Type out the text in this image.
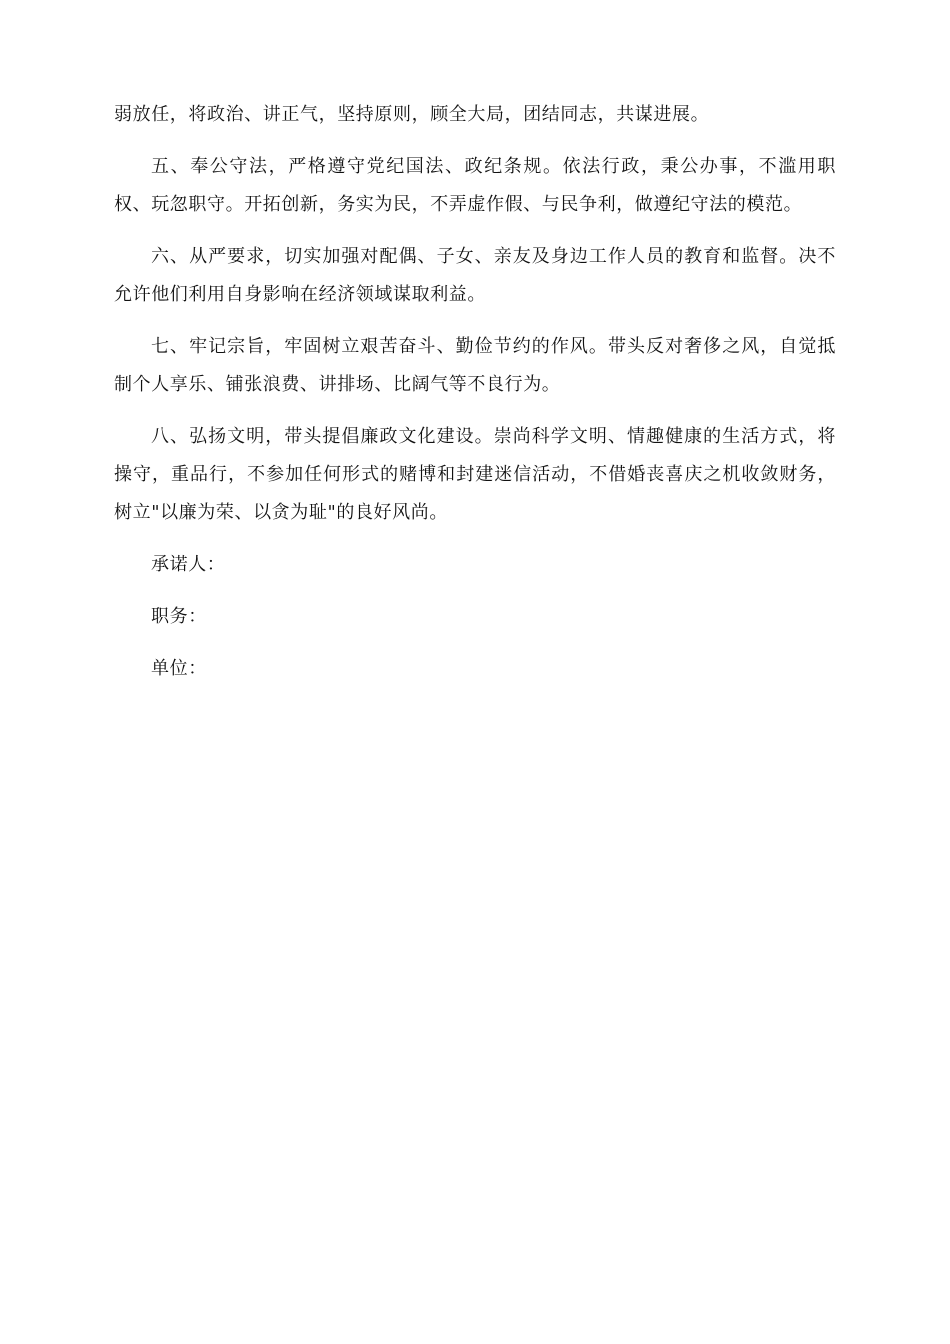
弱放任，将政治、讲正气，坚持原则，顾全大局，团结同志，共谋进展。

五、奉公守法，严格遵守党纪国法、政纪条规。依法行政，秉公办事，不滥用职权、玩忽职守。开拓创新，务实为民，不弄虚作假、与民争利，做遵纪守法的模范。

六、从严要求，切实加强对配偶、子女、亲友及身边工作人员的教育和监督。决不允许他们利用自身影响在经济领域谋取利益。

七、牢记宗旨，牢固树立艰苦奋斗、勤俭节约的作风。带头反对奢侈之风，自觉抵制个人享乐、铺张浪费、讲排场、比阔气等不良行为。

八、弘扬文明，带头提倡廉政文化建设。崇尚科学文明、情趣健康的生活方式，将操守，重品行，不参加任何形式的赌博和封建迷信活动，不借婚丧喜庆之机收敛财务，树立"以廉为荣、以贪为耻"的良好风尚。

承诺人：
职务：
单位：
